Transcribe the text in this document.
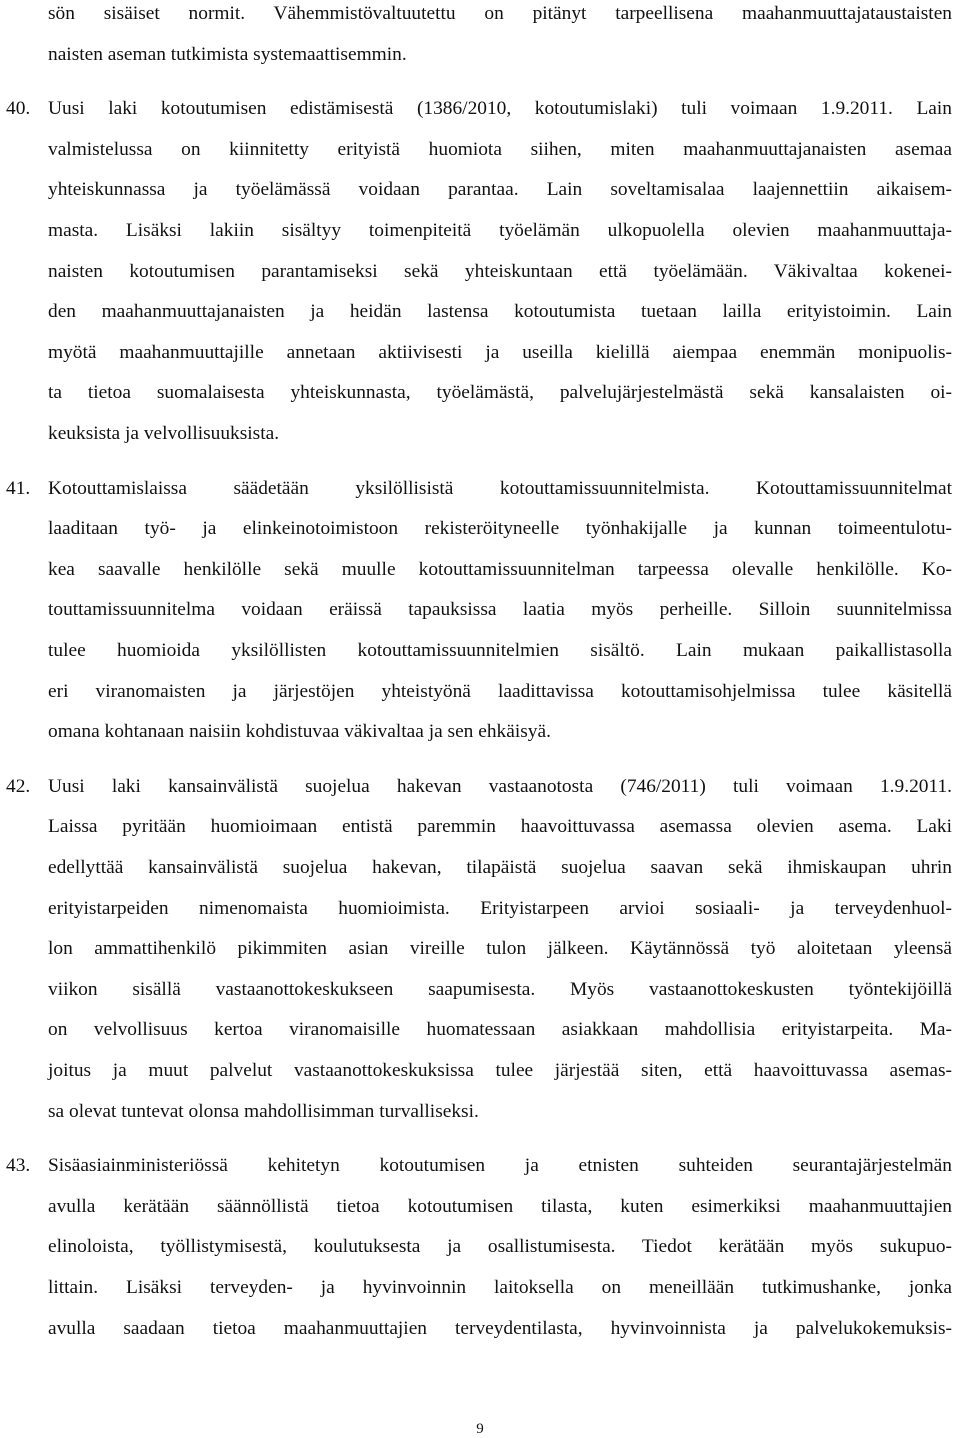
sön sisäiset normit. Vähemmistövaltuutettu on pitänyt tarpeellisena maahanmuuttajataustaisten
naisten aseman tutkimista systemaattisemmin.
40. Uusi laki kotoutumisen edistämisestä (1386/2010, kotoutumislaki) tuli voimaan 1.9.2011. Lain
valmistelussa on kiinnitetty erityistä huomiota siihen, miten maahanmuuttajanaisten asemaa
yhteiskunnassa ja työelämässä voidaan parantaa. Lain soveltamisalaa laajennettiin aikaisem-
masta. Lisäksi lakiin sisältyy toimenpiteitä työelämän ulkopuolella olevien maahanmuuttaja-
naisten kotoutumisen parantamiseksi sekä yhteiskuntaan että työelämään. Väkivaltaa kokenei-
den maahanmuuttajanaisten ja heidän lastensa kotoutumista tuetaan lailla erityistoimin. Lain
myötä maahanmuuttajille annetaan aktiivisesti ja useilla kielillä aiempaa enemmän monipuolis-
ta tietoa suomalaisesta yhteiskunnasta, työelämästä, palvelujärjestelmästä sekä kansalaisten oi-
keuksista ja velvollisuuksista.
41. Kotouttamislaissa säädetään yksilöllisistä kotouttamissuunnitelmista. Kotouttamissuunnitelmat
laaditaan työ- ja elinkeinotoimistoon rekisteröityneelle työnhakijalle ja kunnan toimeentulotu-
kea saavalle henkilölle sekä muulle kotouttamissuunnitelman tarpeessa olevalle henkilölle. Ko-
touttamissuunnitelma voidaan eräissä tapauksissa laatia myös perheille. Silloin suunnitelmissa
tulee huomioida yksilöllisten kotouttamissuunnitelmien sisältö. Lain mukaan paikallistasolla
eri viranomaisten ja järjestöjen yhteistyönä laadittavissa kotouttamisohjelmissa tulee käsitellä
omana kohtanaan naisiin kohdistuvaa väkivaltaa ja sen ehkäisyä.
42. Uusi laki kansainvälistä suojelua hakevan vastaanotosta (746/2011) tuli voimaan 1.9.2011.
Laissa pyritään huomioimaan entistä paremmin haavoittuvassa asemassa olevien asema. Laki
edellyttää kansainvälistä suojelua hakevan, tilapäistä suojelua saavan sekä ihmiskaupan uhrin
erityistarpeiden nimenomaista huomioimista. Erityistarpeen arvioi sosiaali- ja terveydenhuol-
lon ammattihenkilö pikimmiten asian vireille tulon jälkeen. Käytännössä työ aloitetaan yleensä
viikon sisällä vastaanottokeskukseen saapumisesta. Myös vastaanottokeskusten työntekijöillä
on velvollisuus kertoa viranomaisille huomatessaan asiakkaan mahdollisia erityistarpeita. Ma-
joitus ja muut palvelut vastaanottokeskuksissa tulee järjestää siten, että haavoittuvassa asemas-
sa olevat tuntevat olonsa mahdollisimman turvalliseksi.
43. Sisäasiainministeriössä kehitetyn kotoutumisen ja etnisten suhteiden seurantajärjestelmän
avulla kerätään säännöllistä tietoa kotoutumisen tilasta, kuten esimerkiksi maahanmuuttajien
elinoloista, työllistymisestä, koulutuksesta ja osallistumisesta. Tiedot kerätään myös sukupuo-
littain. Lisäksi terveyden- ja hyvinvoinnin laitoksella on meneillään tutkimushanke, jonka
avulla saadaan tietoa maahanmuuttajien terveydentilasta, hyvinvoinnista ja palvelukokemuksis-
9
